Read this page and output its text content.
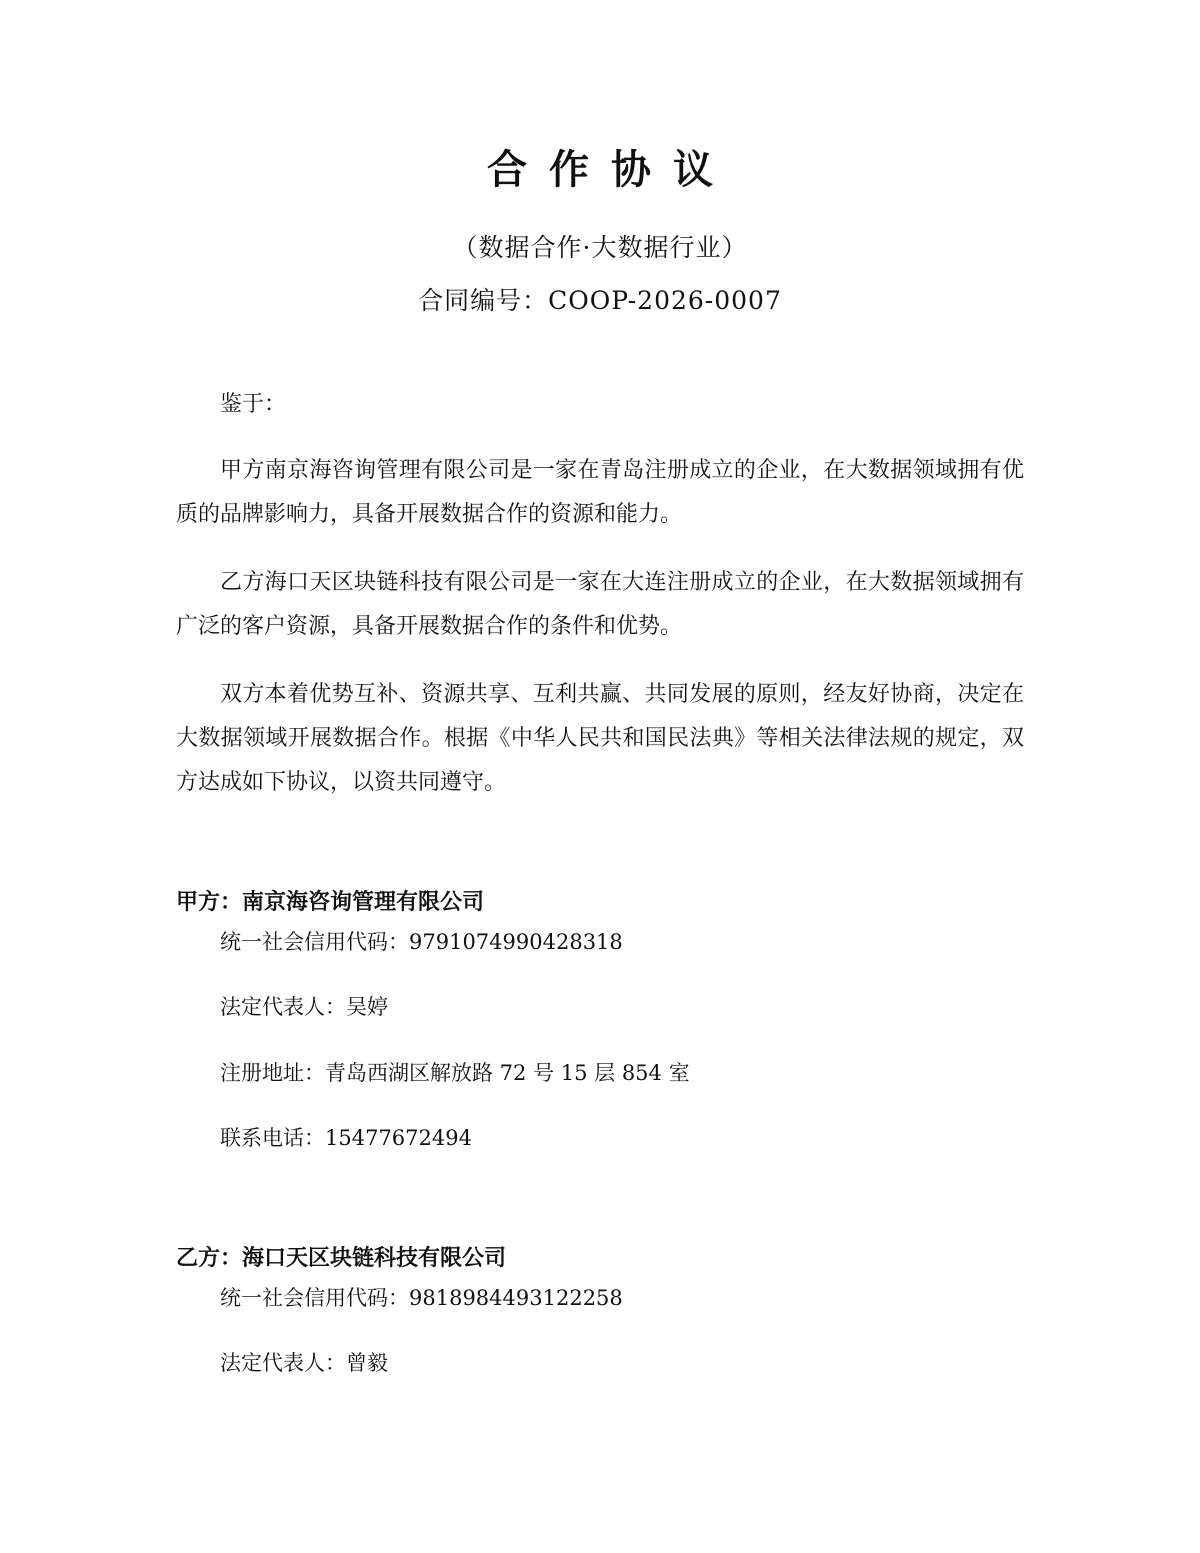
合作协议

（数据合作·大数据行业）

合同编号：COOP-2026-0007

鉴于：

甲方南京海咨询管理有限公司是一家在青岛注册成立的企业，在大数据领域拥有优质的品牌影响力，具备开展数据合作的资源和能力。

乙方海口天区块链科技有限公司是一家在大连注册成立的企业，在大数据领域拥有广泛的客户资源，具备开展数据合作的条件和优势。

双方本着优势互补、资源共享、互利共赢、共同发展的原则，经友好协商，决定在大数据领域开展数据合作。根据《中华人民共和国民法典》等相关法律法规的规定，双方达成如下协议，以资共同遵守。

甲方：南京海咨询管理有限公司

统一社会信用代码：9791074990428318

法定代表人：吴婷

注册地址：青岛西湖区解放路 72 号 15 层 854 室

联系电话：15477672494

乙方：海口天区块链科技有限公司

统一社会信用代码：9818984493122258

法定代表人：曾毅
